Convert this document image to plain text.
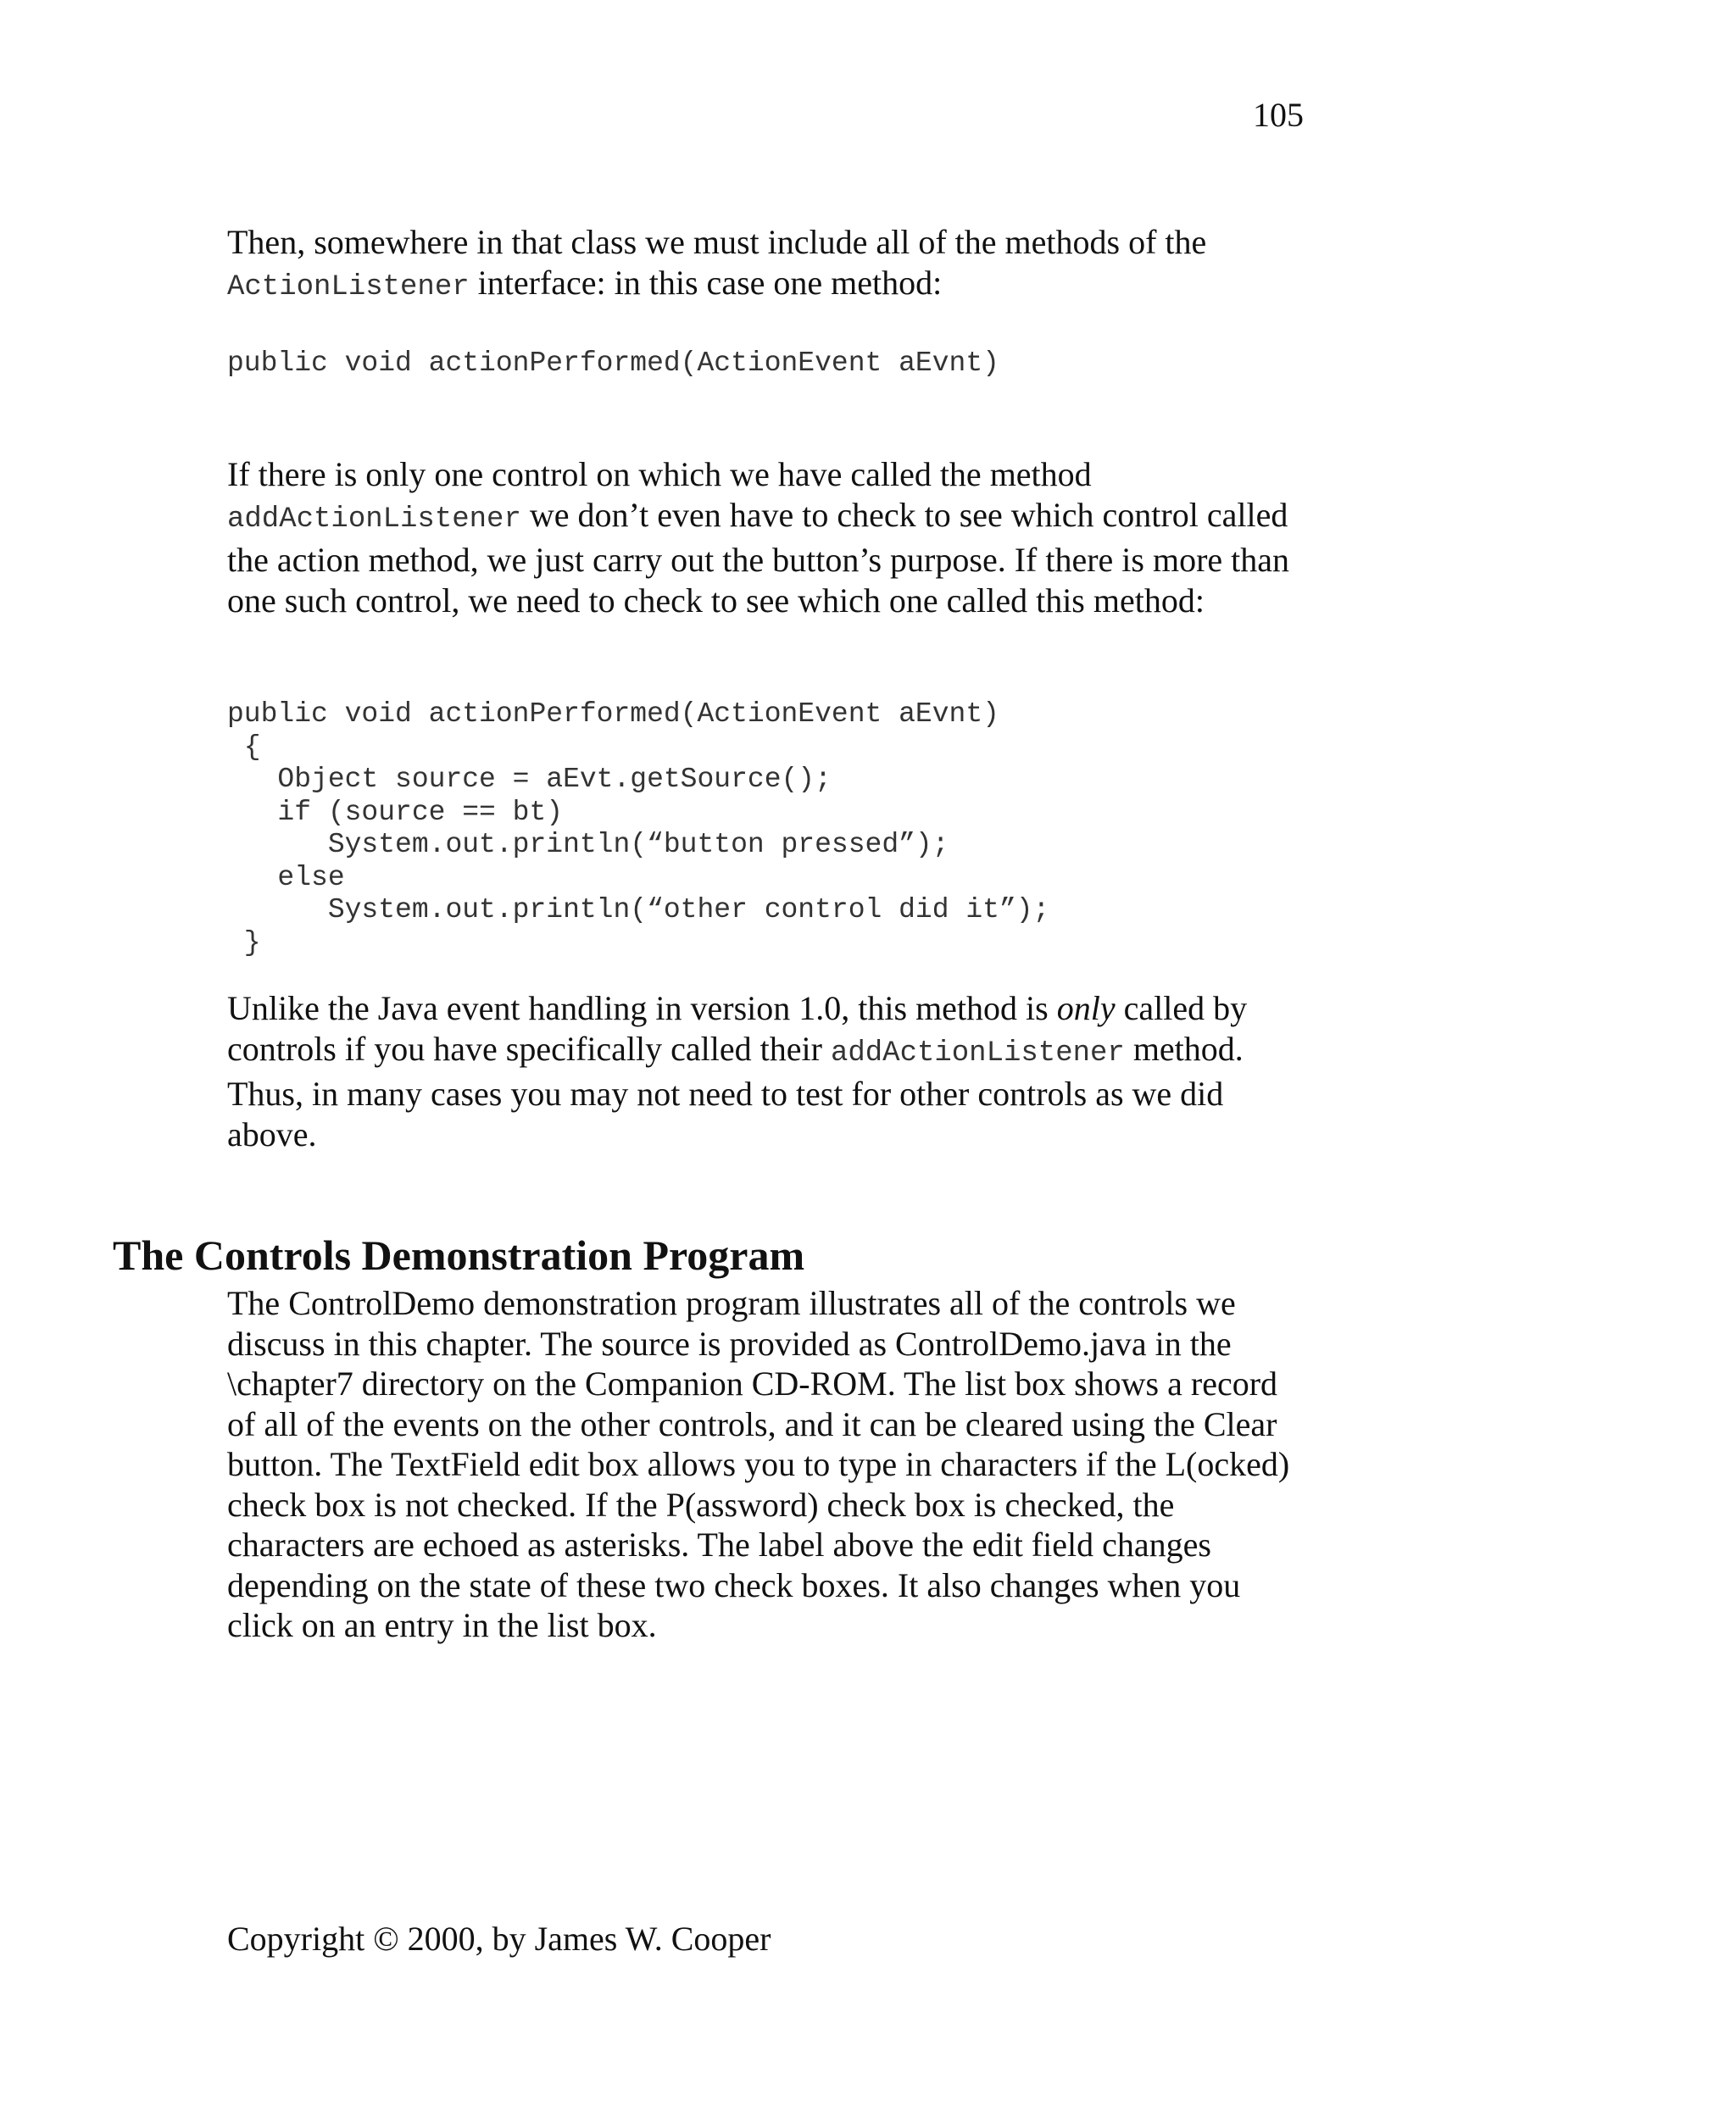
105

Then, somewhere in that class we must include all of the methods of the
ActionListener interface: in this case one method:

public void actionPerformed(ActionEvent aEvnt)

If there is only one control on which we have called the method
addActionListener we don’t even have to check to see which control called the action method, we just carry out the button’s purpose. If there is more than one such control, we need to check to see which one called this method:

public void actionPerformed(ActionEvent aEvnt)
{
Object source = aEvt.getSource();
if (source == bt)
System.out.println(“button pressed”);
else
System.out.println(“other control did it”);
}

Unlike the Java event handling in version 1.0, this method is only called by controls if you have specifically called their addActionListener method. Thus, in many cases you may not need to test for other controls as we did above.

The Controls Demonstration Program

The ControlDemo demonstration program illustrates all of the controls we discuss in this chapter. The source is provided as ControlDemo.java in the \chapter7 directory on the Companion CD-ROM. The list box shows a record of all of the events on the other controls, and it can be cleared using the Clear button. The TextField edit box allows you to type in characters if the L(ocked) check box is not checked. If the P(assword) check box is checked, the characters are echoed as asterisks. The label above the edit field changes depending on the state of these two check boxes. It also changes when you click on an entry in the list box.

Copyright © 2000, by James W. Cooper
